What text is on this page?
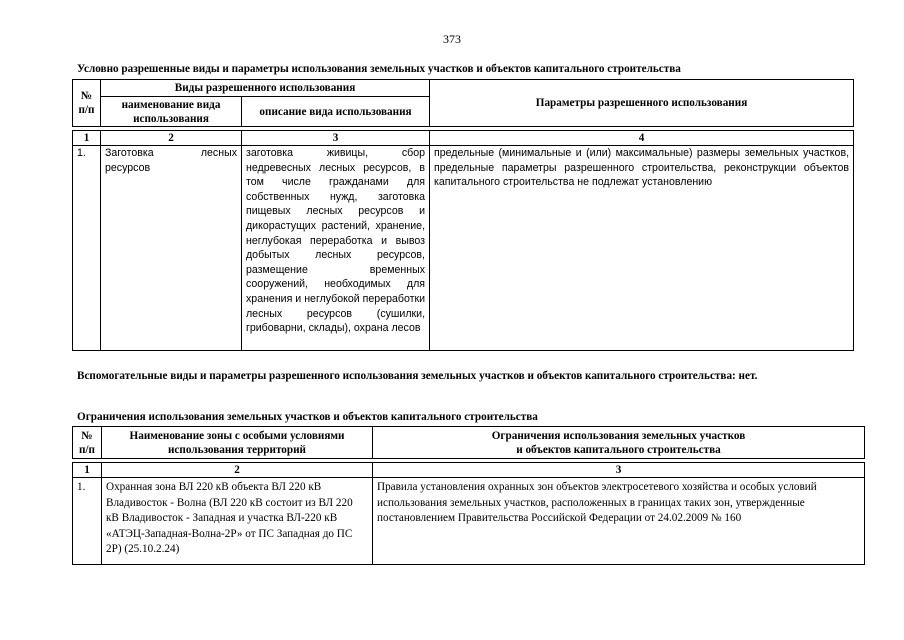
373
Условно разрешенные виды и параметры использования земельных участков и объектов капитального строительства
№ п/п	Виды разрешенного использования		Параметры разрешенного использования
	наименование вида использования	описание вида использования	

1	2	3	4
1.	Заготовка лесных ресурсов	заготовка живицы, сбор недревесных лесных ресурсов, в том числе гражданами для собственных нужд, заготовка пищевых лесных ресурсов и дикорастущих растений, хранение, неглубокая переработка и вывоз добытых лесных ресурсов, размещение временных сооружений, необходимых для хранения и неглубокой переработки лесных ресурсов (сушилки, грибоварни, склады), охрана лесов	предельные (минимальные и (или) максимальные) размеры земельных участков, предельные параметры разрешенного строительства, реконструкции объектов капитального строительства не подлежат установлению
Вспомогательные виды и параметры разрешенного использования земельных участков и объектов капитального строительства: нет.
Ограничения использования земельных участков и объектов капитального строительства
№ п/п	Наименование зоны с особыми условиями использования территорий	Ограничения использования земельных участков
и объектов капитального строительства

1	2	3
1.	Охранная зона ВЛ 220 кВ объекта ВЛ 220 кВ Владивосток - Волна (ВЛ 220 кВ состоит из ВЛ 220 кВ Владивосток - Западная и участка ВЛ-220 кВ «АТЭЦ-Западная-Волна-2Р» от ПС Западная до ПС 2Р) (25.10.2.24)	Правила установления охранных зон объектов электросетевого хозяйства и особых условий использования земельных участков, расположенных в границах таких зон, утвержденные постановлением Правительства Российской Федерации от 24.02.2009 № 160
